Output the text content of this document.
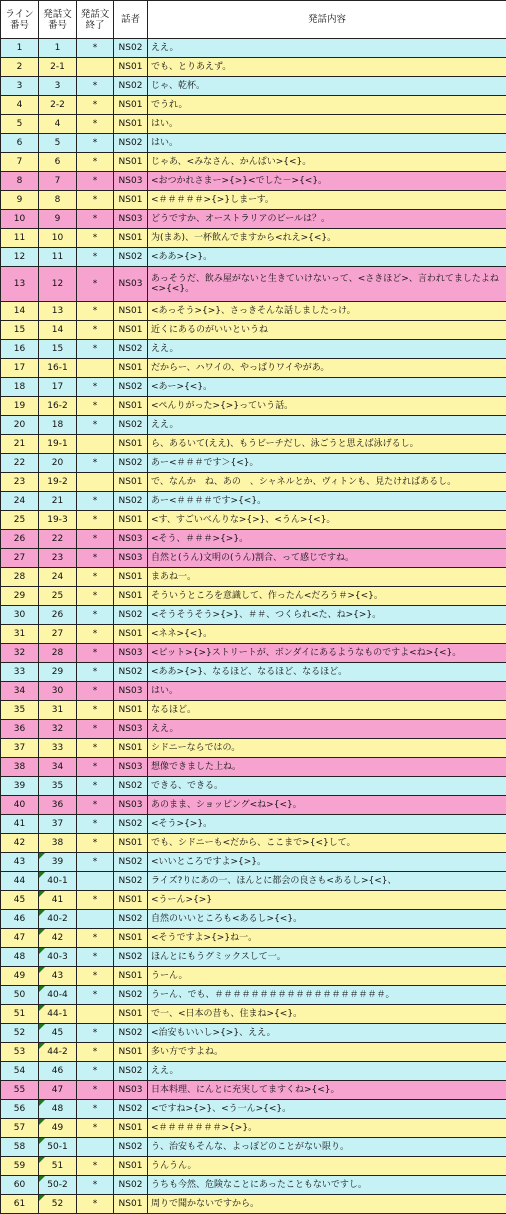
ライン番号	発話文番号	発話文終了	話者	発話内容
1	1	*	NS02	ええ。
2	2-1		NS01	でも、とりあえず。
3	3	*	NS02	じゃ、乾杯。
4	2-2	*	NS01	でうれ。
5	4	*	NS01	はい。
6	5	*	NS02	はい。
7	6	*	NS01	じゃあ、<みなさん、かんぱい>{<}。
8	7	*	NS03	<おつかれさまー>{>}<でした－>{<}。
9	8	*	NS01	<＃＃＃＃＃>{>}しまーす。
10	9	*	NS03	どうですか、オーストラリアのビールは？。
11	10	*	NS01	为(まあ)、一杯飲んでますから<れえ>{<}。
12	11	*	NS02	<ああ>{>}。
13	12	*	NS03	あっそうだ、飲み屋がないと生きていけないって、<さきほど>、言われてましたよね<>{<}。
14	13	*	NS01	<あっそう>{>}、さっきそんな話しましたっけ。
15	14	*	NS01	近くにあるのがいいというね
16	15	*	NS02	ええ。
17	16-1		NS01	だからー、ハワイの、やっぱりワイやがあ。
18	17	*	NS02	<あー>{<}。
19	16-2	*	NS01	<ぺんりがった>{>}っていう話。
20	18	*	NS02	ええ。
21	19-1		NS01	ら、あるいて(ええ)、もうビーチだし、泳ごうと思えば泳げるし。
22	20	*	NS02	あー<＃＃＃です＞{<}。
23	19-2		NS01	で、なんか　ね、あの　、シャネルとか、ヴィトンも、見たければあるし。
24	21	*	NS02	あー<＃＃＃＃です>{<}。
25	19-3	*	NS01	<す、すごいべんりな>{>}、<うん>{<}。
26	22	*	NS03	<そう、＃＃＃>{>}。
27	23	*	NS03	自然と(うん)文明の(うん)割合、って感じですね。
28	24	*	NS01	まあね一。
29	25	*	NS01	そういうところを意識して、作ったん<だろう＃>{<}。
30	26	*	NS02	<そうそうそう>{>}、＃＃、つくられ<た、ね>{>}。
31	27	*	NS01	<ネネ>{<}。
32	28	*	NS03	<ピット>{>}ストリートが、ボンダイにあるようなものですよ<ね>{<}。
33	29	*	NS02	<ああ>{>}、なるほど、なるほど、なるほど。
34	30	*	NS03	はい。
35	31	*	NS01	なるほど。
36	32	*	NS03	ええ。
37	33	*	NS01	シドニーならではの。
38	34	*	NS03	想像できました上ね。
39	35	*	NS02	できる、できる。
40	36	*	NS03	あのまま、ショッピング<ね>{<}。
41	37	*	NS02	<そう>{>}。
42	38	*	NS01	でも、シドニーも<だから、ここまで>{<}して。
43	39	*	NS02	<いいところですよ>{>}。
44	40-1		NS02	ライズ?りにあの一、ほんとに都会の良さも<あるし>{<}、
45	41	*	NS01	<うーん>{>}
46	40-2		NS02	自然のいいところも<あるし>{<}。
47	42	*	NS01	<そうですよ>{>}ね一。
48	40-3	*	NS02	ほんとにもうグミックスして一。
49	43	*	NS01	うーん。
50	40-4	*	NS02	うーん、でも、＃＃＃＃＃＃＃＃＃＃＃＃＃＃＃＃＃＃＃。
51	44-1		NS01	で一、<日本の昔も、住まね>{<}。
52	45	*	NS02	<治安もいいし>{>}、ええ。
53	44-2	*	NS01	多い方ですよね。
54	46	*	NS02	ええ。
55	47	*	NS03	日本料理、にんとに充実してますくね>{<}。
56	48	*	NS02	<ですね>{>}、<う一ん>{<}。
57	49	*	NS01	<＃＃＃＃＃＃＃>{>}。
58	50-1		NS02	う、治安もそんな、よっぽどのことがない限り。
59	51	*	NS01	うんうん。
60	50-2	*	NS02	うちも今然、危険なことにあったこともないですし。
61	52	*	NS01	周りで聞かないですから。
